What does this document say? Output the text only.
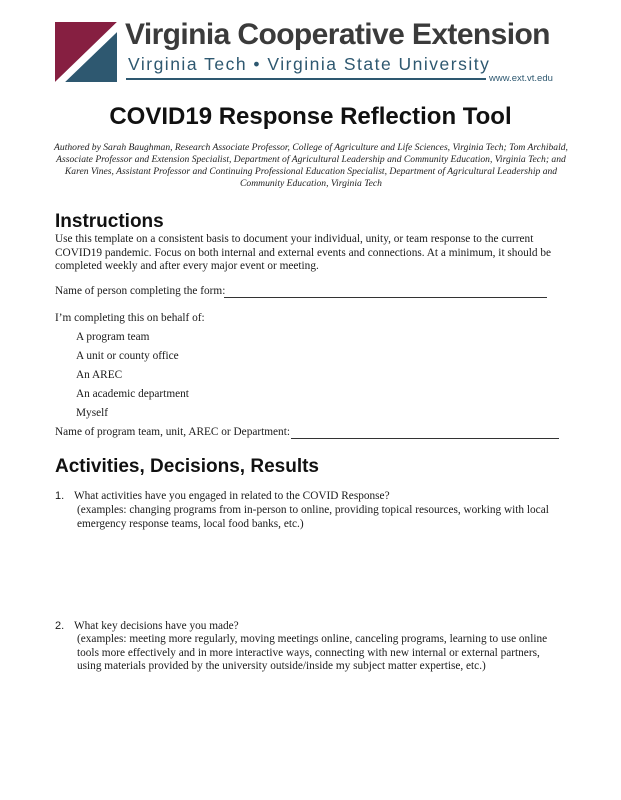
Virginia Cooperative Extension
Virginia Tech • Virginia State University
www.ext.vt.edu
COVID19 Response Reflection Tool
Authored by Sarah Baughman, Research Associate Professor, College of Agriculture and Life Sciences, Virginia Tech; Tom Archibald, Associate Professor and Extension Specialist, Department of Agricultural Leadership and Community Education, Virginia Tech; and Karen Vines, Assistant Professor and Continuing Professional Education Specialist, Department of Agricultural Leadership and Community Education, Virginia Tech
Instructions
Use this template on a consistent basis to document your individual, unity, or team response to the current COVID19 pandemic. Focus on both internal and external events and connections. At a minimum, it should be completed weekly and after every major event or meeting.
Name of person completing the form:
I’m completing this on behalf of:
A program team
A unit or county office
An AREC
An academic department
Myself
Name of program team, unit, AREC or Department:
Activities, Decisions, Results
1. What activities have you engaged in related to the COVID Response?
(examples: changing programs from in-person to online, providing topical resources, working with local emergency response teams, local food banks, etc.)
2. What key decisions have you made?
(examples: meeting more regularly, moving meetings online, canceling programs, learning to use online tools more effectively and in more interactive ways, connecting with new internal or external partners, using materials provided by the university outside/inside my subject matter expertise, etc.)
